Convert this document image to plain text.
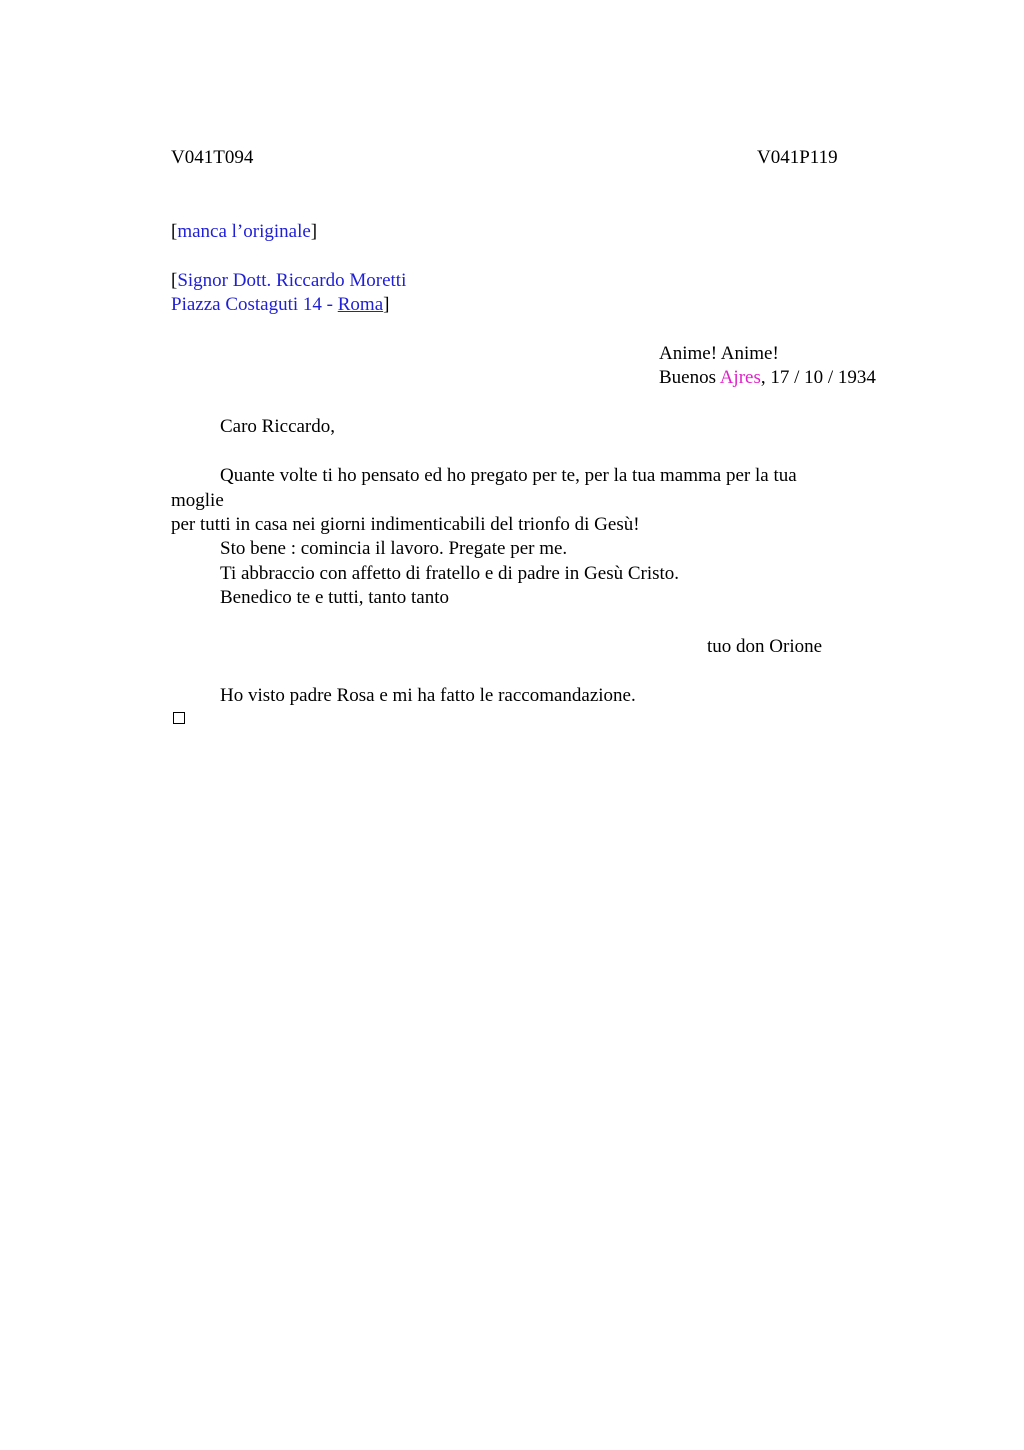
V041T094	V041P119
[manca l’originale]
[Signor Dott. Riccardo Moretti
Piazza Costaguti 14 - Roma]
Anime! Anime!
Buenos Ajres, 17 / 10 / 1934
Caro Riccardo,
Quante volte ti ho pensato ed ho pregato per te, per la tua mamma per la tua
moglie
per tutti in casa nei giorni indimenticabili del trionfo di Gesù!
Sto bene : comincia il lavoro. Pregate per me.
Ti abbraccio con affetto di fratello e di padre in Gesù Cristo.
Benedico te e tutti, tanto tanto
tuo don Orione
Ho visto padre Rosa e mi ha fatto le raccomandazione.
